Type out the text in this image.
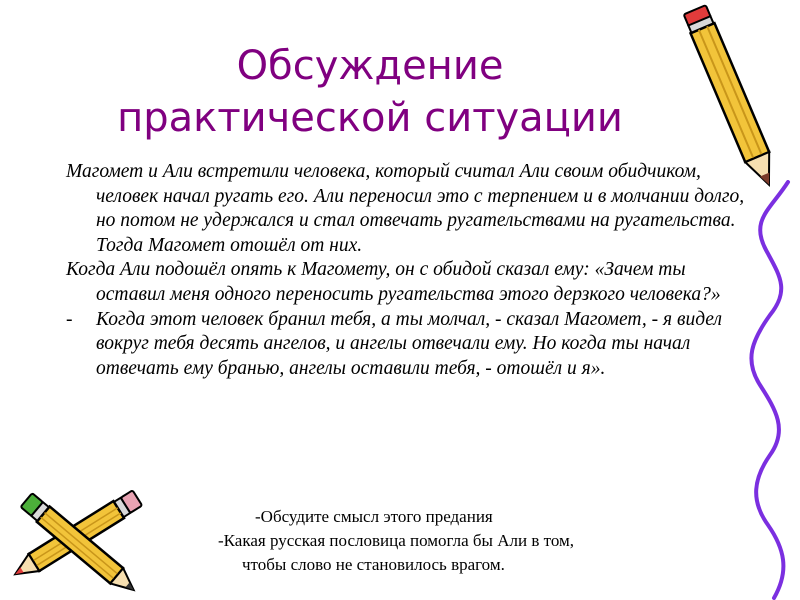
Обсуждение
практической ситуации

Магомет и Али встретили человека, который считал Али своим обидчиком, человек начал ругать его. Али переносил это с терпением и в молчании долго, но потом не удержался и стал отвечать ругательствами на ругательства. Тогда Магомет отошёл от них.

Когда Али подошёл опять к Магомету, он с обидой сказал ему: «Зачем ты оставил меня одного переносить ругательства этого дерзкого человека?»

- Когда этот человек бранил тебя, а ты молчал, - сказал Магомет, - я видел вокруг тебя десять ангелов, и ангелы отвечали ему. Но когда ты начал отвечать ему бранью, ангелы оставили тебя, - отошёл и я».
-Обсудите смысл этого предания
-Какая русская пословица помогла бы Али в том,
чтобы слово не становилось врагом.
